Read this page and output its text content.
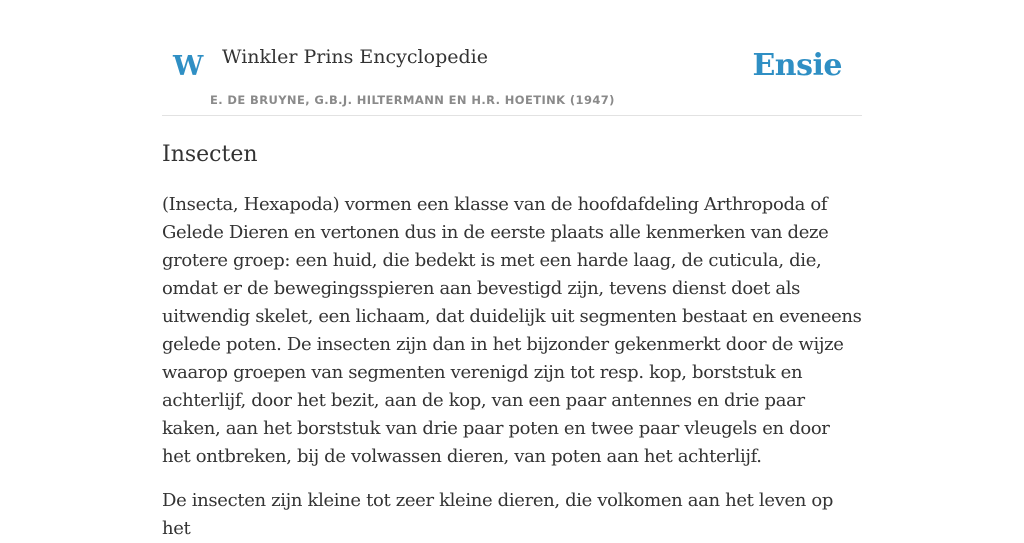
W Winkler Prins Encyclopedie
E. DE BRUYNE, G.B.J. HILTERMANN EN H.R. HOETINK (1947)
Ensie
Insecten

(Insecta, Hexapoda) vormen een klasse van de hoofdafdeling Arthropoda of Gelede Dieren en vertonen dus in de eerste plaats alle kenmerken van deze grotere groep: een huid, die bedekt is met een harde laag, de cuticula, die, omdat er de bewegingsspieren aan bevestigd zijn, tevens dienst doet als uitwendig skelet, een lichaam, dat duidelijk uit segmenten bestaat en eveneens gelede poten. De insecten zijn dan in het bijzonder gekenmerkt door de wijze waarop groepen van segmenten verenigd zijn tot resp. kop, borststuk en achterlijf, door het bezit, aan de kop, van een paar antennes en drie paar kaken, aan het borststuk van drie paar poten en twee paar vleugels en door het ontbreken, bij de volwassen dieren, van poten aan het achterlijf.

De insecten zijn kleine tot zeer kleine dieren, die volkomen aan het leven op het
